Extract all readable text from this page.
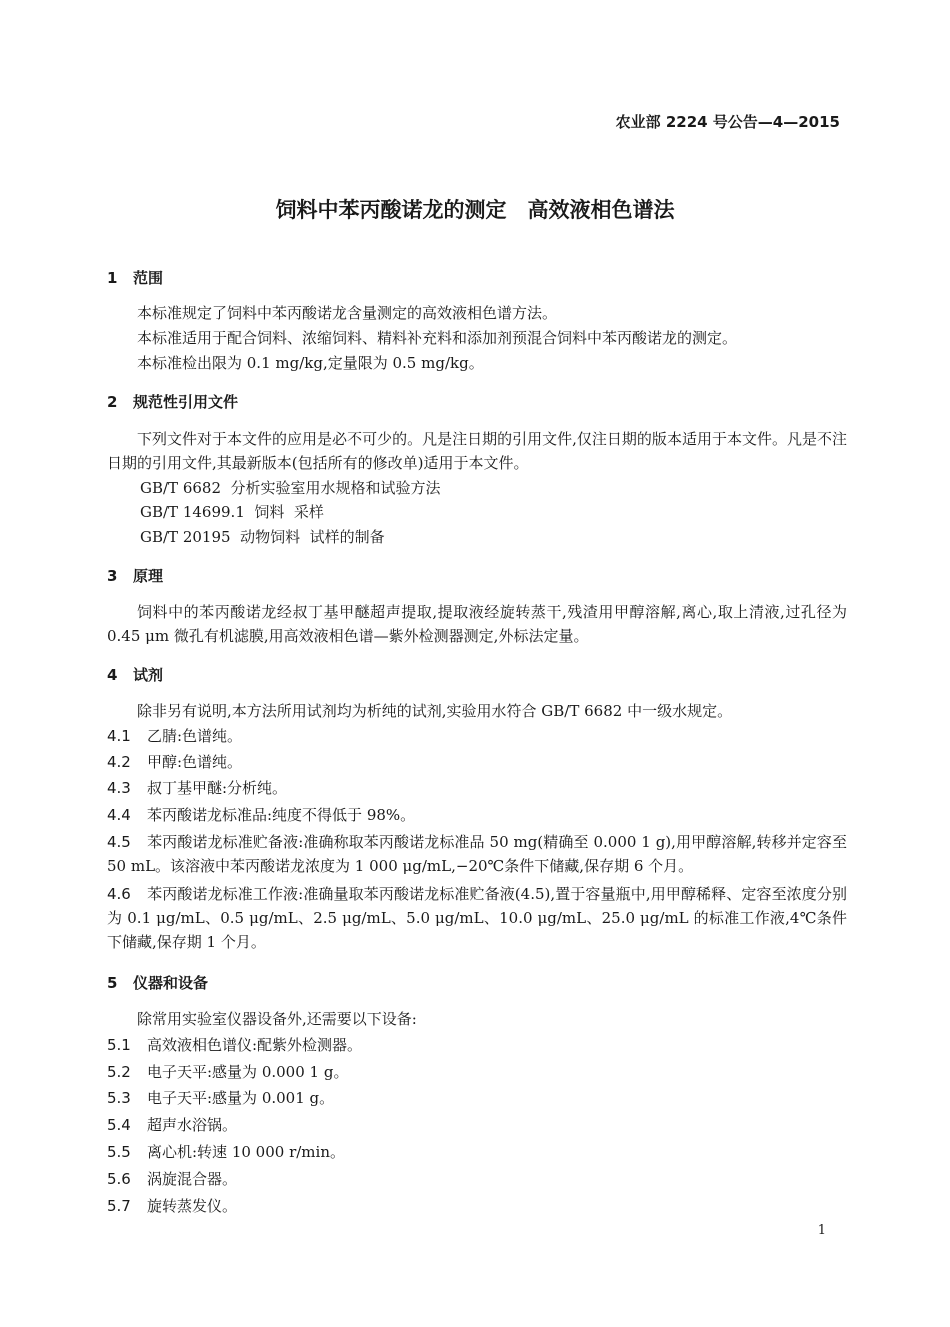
农业部 2224 号公告—4—2015
饲料中苯丙酸诺龙的测定　高效液相色谱法
1 范围
本标准规定了饲料中苯丙酸诺龙含量测定的高效液相色谱方法。
本标准适用于配合饲料、浓缩饲料、精料补充料和添加剂预混合饲料中苯丙酸诺龙的测定。
本标准检出限为 0.1 mg/kg,定量限为 0.5 mg/kg。
2 规范性引用文件
下列文件对于本文件的应用是必不可少的。凡是注日期的引用文件,仅注日期的版本适用于本文件。凡是不注日期的引用文件,其最新版本(包括所有的修改单)适用于本文件。
GB/T 6682  分析实验室用水规格和试验方法
GB/T 14699.1  饲料  采样
GB/T 20195  动物饲料  试样的制备
3 原理
饲料中的苯丙酸诺龙经叔丁基甲醚超声提取,提取液经旋转蒸干,残渣用甲醇溶解,离心,取上清液,过孔径为 0.45 μm 微孔有机滤膜,用高效液相色谱—紫外检测器测定,外标法定量。
4 试剂
除非另有说明,本方法所用试剂均为析纯的试剂,实验用水符合 GB/T 6682 中一级水规定。
4.1 乙腈:色谱纯。
4.2 甲醇:色谱纯。
4.3 叔丁基甲醚:分析纯。
4.4 苯丙酸诺龙标准品:纯度不得低于 98%。
4.5 苯丙酸诺龙标准贮备液:准确称取苯丙酸诺龙标准品 50 mg(精确至 0.000 1 g),用甲醇溶解,转移并定容至 50 mL。该溶液中苯丙酸诺龙浓度为 1 000 μg/mL,−20℃条件下储藏,保存期 6 个月。
4.6 苯丙酸诺龙标准工作液:准确量取苯丙酸诺龙标准贮备液(4.5),置于容量瓶中,用甲醇稀释、定容至浓度分别为 0.1 μg/mL、0.5 μg/mL、2.5 μg/mL、5.0 μg/mL、10.0 μg/mL、25.0 μg/mL 的标准工作液,4℃条件下储藏,保存期 1 个月。
5 仪器和设备
除常用实验室仪器设备外,还需要以下设备:
5.1 高效液相色谱仪:配紫外检测器。
5.2 电子天平:感量为 0.000 1 g。
5.3 电子天平:感量为 0.001 g。
5.4 超声水浴锅。
5.5 离心机:转速 10 000 r/min。
5.6 涡旋混合器。
5.7 旋转蒸发仪。
1
